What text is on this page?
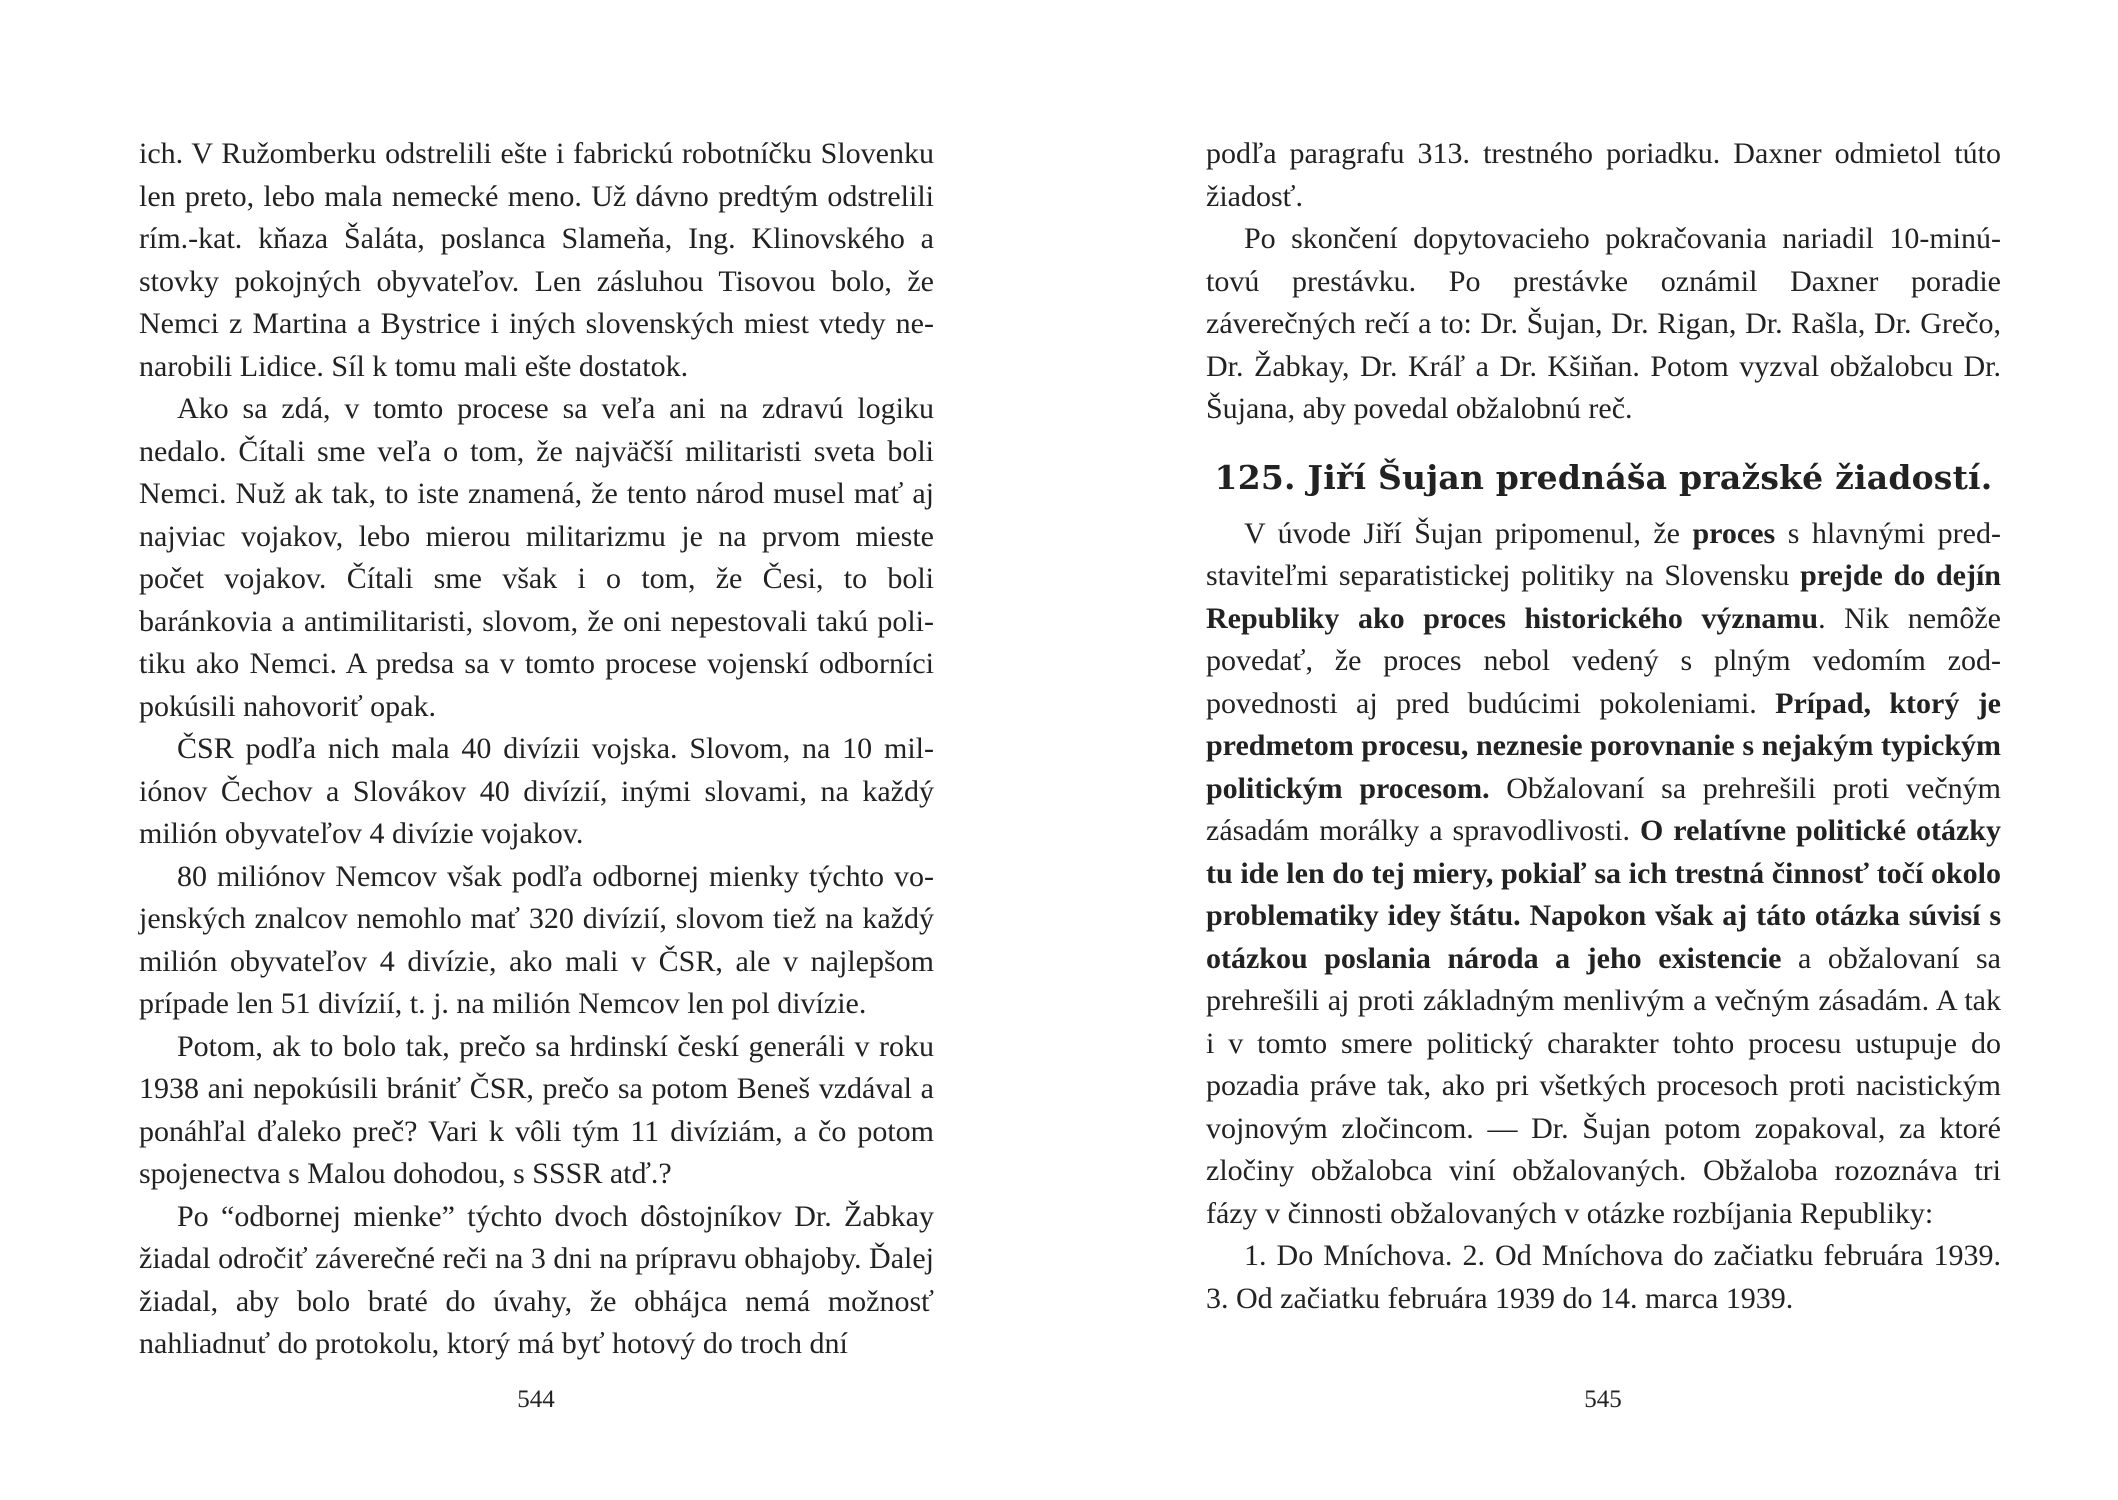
ich. V Ružomberku odstrelili ešte i fabrickú robotníčku Slovenku len preto, lebo mala nemecké meno. Už dávno predtým odstrelili rím.-kat. kňaza Šaláta, poslanca Slameňa, Ing. Klinovského a stovky pokojných obyvateľov. Len zásluhou Tisovou bolo, že Nemci z Martina a Bystrice i iných slovenských miest vtedy nenarobili Lidice. Síl k tomu mali ešte dostatok.

Ako sa zdá, v tomto procese sa veľa ani na zdravú logiku nedalo. Čítali sme veľa o tom, že najväčší militaristi sveta boli Nemci. Nuž ak tak, to iste znamená, že tento národ musel mať aj najviac vojakov, lebo mierou militarizmu je na prvom mieste počet vojakov. Čítali sme však i o tom, že Česi, to boli baránkovia a antimilitaristi, slovom, že oni nepestovali takú politiku ako Nemci. A predsa sa v tomto procese vojenskí odborníci pokúsili nahovoriť opak.

ČSR podľa nich mala 40 divízii vojska. Slovom, na 10 miliónov Čechov a Slovákov 40 divízií, inými slovami, na každý milión obyvateľov 4 divízie vojakov.

80 miliónov Nemcov však podľa odbornej mienky týchto vojenských znalcov nemohlo mať 320 divízií, slovom tiež na každý milión obyvateľov 4 divízie, ako mali v ČSR, ale v najlepšom prípade len 51 divízií, t. j. na milión Nemcov len pol divízie.

Potom, ak to bolo tak, prečo sa hrdinskí českí generáli v roku 1938 ani nepokúsili brániť ČSR, prečo sa potom Beneš vzdával a ponáhľal ďaleko preč? Vari k vôli tým 11 divíziám, a čo potom spojenectva s Malou dohodou, s SSSR atď.?

Po “odbornej mienke” týchto dvoch dôstojníkov Dr. Žabkay žiadal odročiť záverečné reči na 3 dni na prípravu obhajoby. Ďalej žiadal, aby bolo braté do úvahy, že obhájca nemá možnosť nahliadnuť do protokolu, ktorý má byť hotový do troch dní

544

podľa paragrafu 313. trestného poriadku. Daxner odmietol túto žiadosť.

Po skončení dopytovacieho pokračovania nariadil 10-minútovú prestávku. Po prestávke oznámil Daxner poradie záverečných rečí a to: Dr. Šujan, Dr. Rigan, Dr. Rašla, Dr. Grečo, Dr. Žabkay, Dr. Kráľ a Dr. Kšiňan. Potom vyzval obžalobcu Dr. Šujana, aby povedal obžalobnú reč.

125. Jiří Šujan prednáša pražské žiadostí.

V úvode Jiří Šujan pripomenul, že proces s hlavnými predstaviteľmi separatistickej politiky na Slovensku prejde do dejín Republiky ako proces historického významu. Nik nemôže povedať, že proces nebol vedený s plným vedomím zodpovednosti aj pred budúcimi pokoleniami. Prípad, ktorý je predmetom procesu, neznesie porovnanie s nejakým typickým politickým procesom. Obžalovaní sa prehrešili proti večným zásadám morálky a spravodlivosti. O relatívne politické otázky tu ide len do tej miery, pokiaľ sa ich trestná činnosť točí okolo problematiky idey štátu. Napokon však aj táto otázka súvisí s otázkou poslania národa a jeho existencie a obžalovaní sa prehrešili aj proti základným menlivým a večným zásadám. A tak i v tomto smere politický charakter tohto procesu ustupuje do pozadia práve tak, ako pri všetkých procesoch proti nacistickým vojnovým zločincom. — Dr. Šujan potom zopakoval, za ktoré zločiny obžalobca viní obžalovaných. Obžaloba rozoznáva tri fázy v činnosti obžalovaných v otázke rozbíjania Republiky:

1. Do Mníchova. 2. Od Mníchova do začiatku februára 1939. 3. Od začiatku februára 1939 do 14. marca 1939.

545
